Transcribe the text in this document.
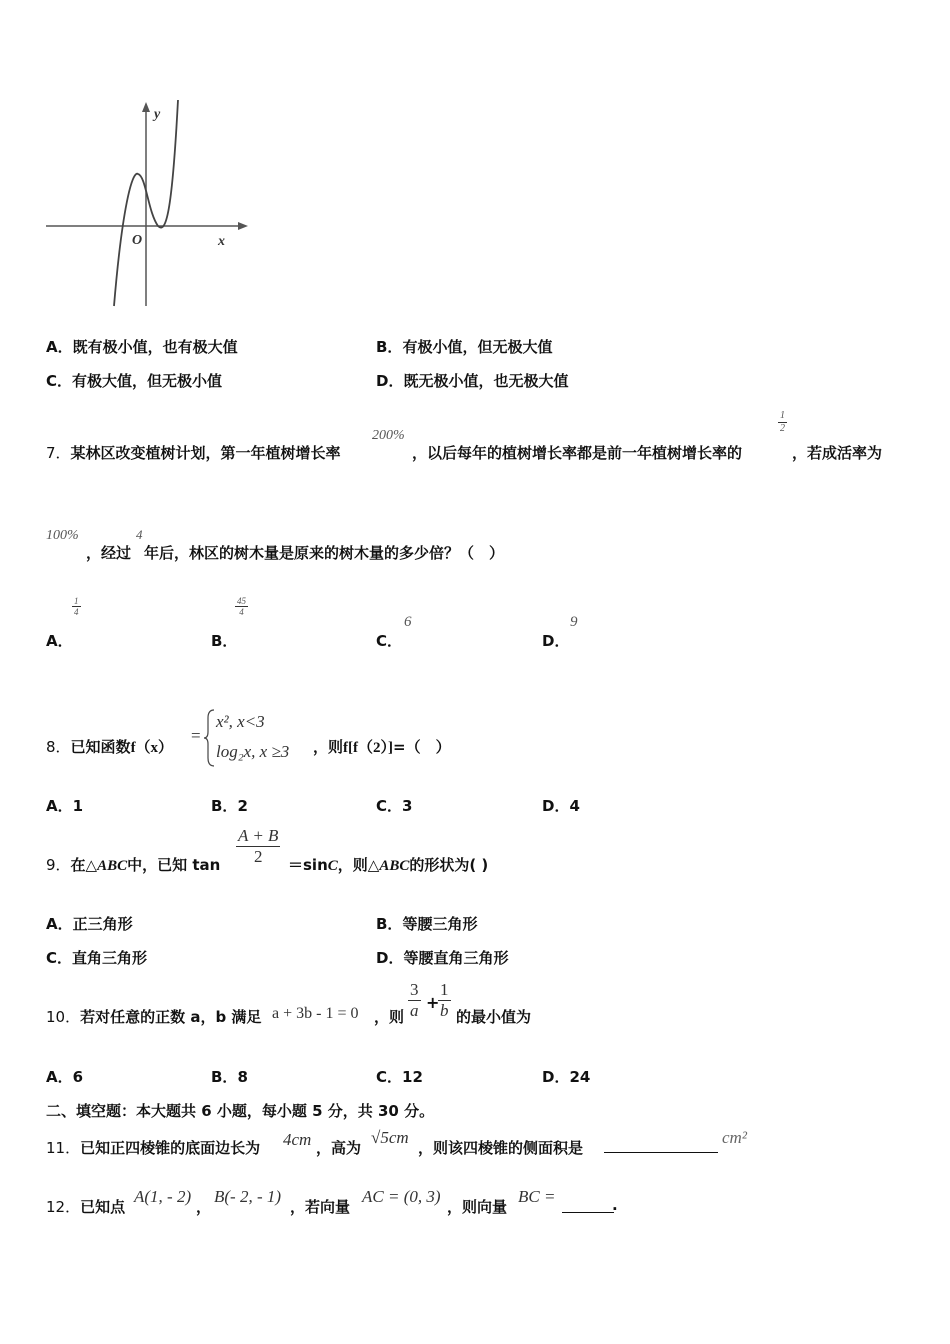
y
x
O
A．既有极小值，也有极大值	B．有极小值，但无极大值
C．有极大值，但无极小值	D．既无极小值，也无极大值
7．某林区改变植树计划，第一年植树增长率
200%
，以后每年的植树增长率都是前一年植树增长率的
$\frac{1}{2}$
，若成活率为
100%
，经过
4
年后，林区的树木量是原来的树木量的多少倍？（　）
A．
$\frac{1}{4}$
B．
$\frac{45}{4}$
C．
6
D．
9
8．已知函数f（x）
=
x², x<3
log₂x, x ≥3 ，则f[f（2）]=（　）
A．1	B．2	C．3	D．4
9．在△ABC中，已知 $\tan \frac{A + B}{2} =\sin C$，则△ABC的形状为( )
A．正三角形	B．等腰三角形
C．直角三角形	D．等腰直角三角形
10．若对任意的正数 a，b 满足 a + 3b - 1 = 0 ，则 $\frac{3}{a}$ +
$\frac{1}{b}$ 的最小值为
A．6	B．8	C．12	D．24
二、填空题：本大题共 6 小题，每小题 5 分，共 30 分。
11．已知正四棱锥的底面边长为 4cm ，高为
√5cm
，则该四棱锥的侧面积是
cm²
12．已知点
A(1, - 2)
，
B(- 2, - 1)
，若向量
AC = (0, 3)
，则向量
BC =	.
